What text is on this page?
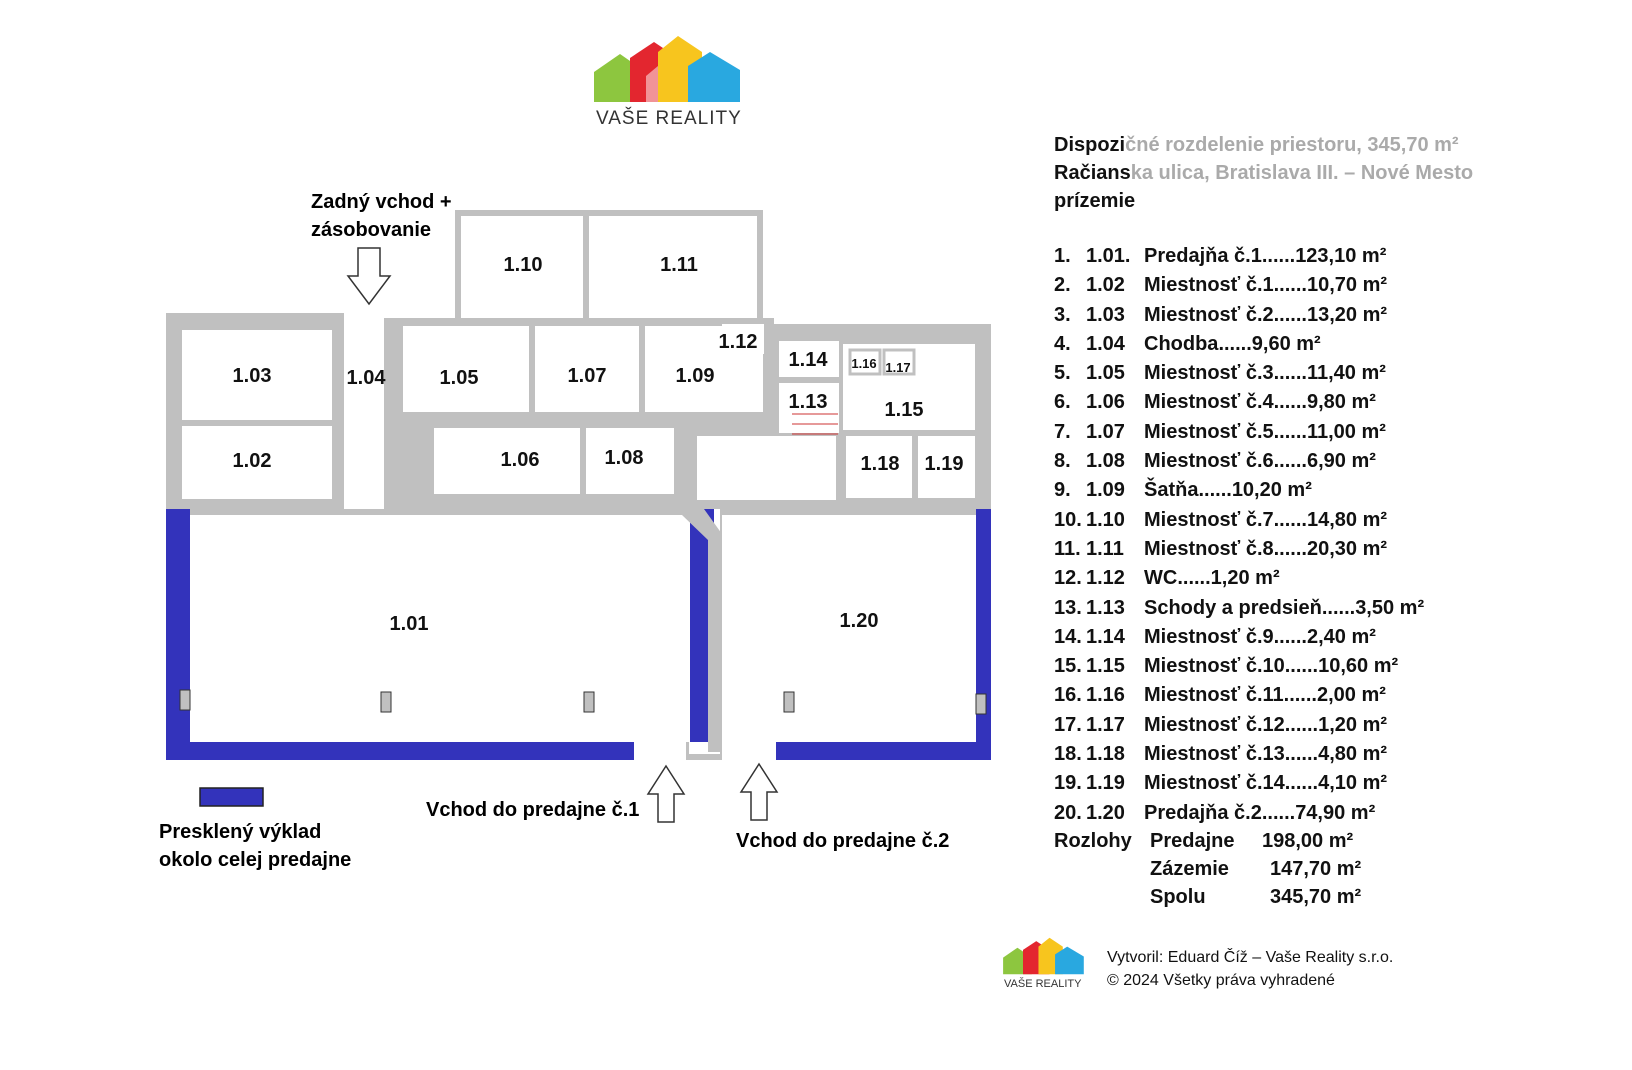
VAŠE REALITY
Dispozičné rozdelenie priestoru, 345,70 m²
Račianska ulica, Bratislava III. – Nové Mesto
prízemie
1. 1.01. Predajňa č.1......123,10 m²
2. 1.02 Miestnosť č.1......10,70 m²
3. 1.03 Miestnosť č.2......13,20 m²
4. 1.04 Chodba......9,60 m²
5. 1.05 Miestnosť č.3......11,40 m²
6. 1.06 Miestnosť č.4......9,80 m²
7. 1.07 Miestnosť č.5......11,00 m²
8. 1.08 Miestnosť č.6......6,90 m²
9. 1.09 Šatňa......10,20 m²
10. 1.10 Miestnosť č.7......14,80 m²
11. 1.11 Miestnosť č.8......20,30 m²
12. 1.12 WC......1,20 m²
13. 1.13 Schody a predsieň......3,50 m²
14. 1.14 Miestnosť č.9......2,40 m²
15. 1.15 Miestnosť č.10......10,60 m²
16. 1.16 Miestnosť č.11......2,00 m²
17. 1.17 Miestnosť č.12......1,20 m²
18. 1.18 Miestnosť č.13......4,80 m²
19. 1.19 Miestnosť č.14......4,10 m²
20. 1.20 Predajňa č.2......74,90 m²
Rozlohy Predajne 198,00 m²
Zázemie 147,70 m²
Spolu	345,70 m²
1.03
1.02
1.04	1.05	1.07	1.09
1.06	1.08
1.10	1.11
1.12
1.13
1.14
1.15
1.16 1.17
1.18 1.19
1.01	1.20
Zadný vchod +
zásobovanie
Vchod do predajne č.1
Vchod do predajne č.2
Presklený výklad
okolo celej predajne
VAŠE REALITY
Vytvoril: Eduard Číž – Vaše Reality s.r.o.
© 2024 Všetky práva vyhradené
